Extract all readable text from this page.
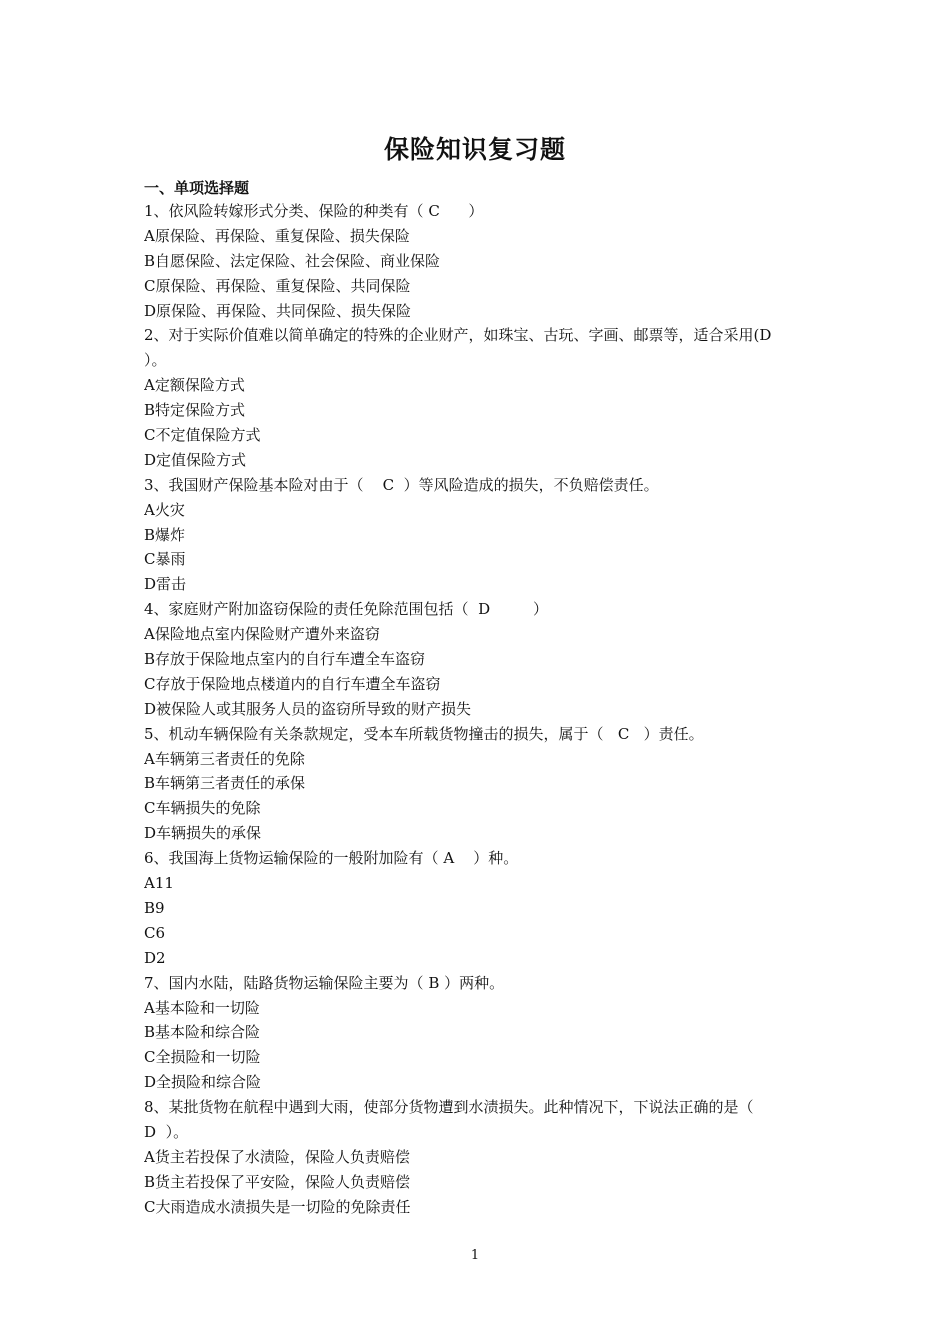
保险知识复习题
一、单项选择题
1、依风险转嫁形式分类、保险的种类有（ C      ）
A原保险、再保险、重复保险、损失保险
B自愿保险、法定保险、社会保险、商业保险
C原保险、再保险、重复保险、共同保险
D原保险、再保险、共同保险、损失保险
2、对于实际价值难以简单确定的特殊的企业财产，如珠宝、古玩、字画、邮票等，适合采用(D
）。
A定额保险方式
B特定保险方式
C不定值保险方式
D定值保险方式
3、我国财产保险基本险对由于（    C  ）等风险造成的损失，不负赔偿责任。
A火灾
B爆炸
C暴雨
D雷击
4、家庭财产附加盗窃保险的责任免除范围包括（  D         ）
A保险地点室内保险财产遭外来盗窃
B存放于保险地点室内的自行车遭全车盗窃
C存放于保险地点楼道内的自行车遭全车盗窃
D被保险人或其服务人员的盗窃所导致的财产损失
5、机动车辆保险有关条款规定，受本车所载货物撞击的损失，属于（   C   ）责任。
A车辆第三者责任的免除
B车辆第三者责任的承保
C车辆损失的免除
D车辆损失的承保
6、我国海上货物运输保险的一般附加险有（ A    ）种。
A11
B9
C6
D2
7、国内水陆，陆路货物运输保险主要为（ B ）两种。
A基本险和一切险
B基本险和综合险
C全损险和一切险
D全损险和综合险
8、某批货物在航程中遇到大雨，使部分货物遭到水渍损失。此种情况下，下说法正确的是（
D  ）。
A货主若投保了水渍险，保险人负责赔偿
B货主若投保了平安险，保险人负责赔偿
C大雨造成水渍损失是一切险的免除责任
1
